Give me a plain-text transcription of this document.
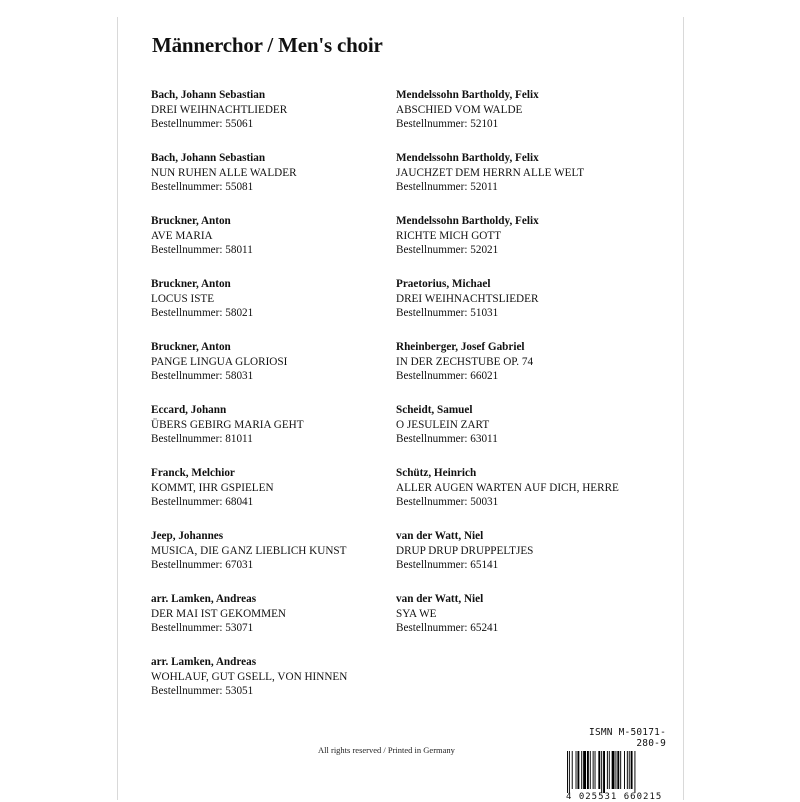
Männerchor / Men's choir
Bach, Johann Sebastian
DREI WEIHNACHTLIEDER
Bestellnummer: 55061
Bach, Johann Sebastian
NUN RUHEN ALLE WALDER
Bestellnummer: 55081
Bruckner, Anton
AVE MARIA
Bestellnummer: 58011
Bruckner, Anton
LOCUS ISTE
Bestellnummer: 58021
Bruckner, Anton
PANGE LINGUA GLORIOSI
Bestellnummer: 58031
Eccard, Johann
ÜBERS GEBIRG MARIA GEHT
Bestellnummer: 81011
Franck, Melchior
KOMMT, IHR GSPIELEN
Bestellnummer: 68041
Jeep, Johannes
MUSICA, DIE GANZ LIEBLICH KUNST
Bestellnummer: 67031
arr. Lamken, Andreas
DER MAI IST GEKOMMEN
Bestellnummer: 53071
arr. Lamken, Andreas
WOHLAUF, GUT GSELL, VON HINNEN
Bestellnummer: 53051
Mendelssohn Bartholdy, Felix
ABSCHIED VOM WALDE
Bestellnummer: 52101
Mendelssohn Bartholdy, Felix
JAUCHZET DEM HERRN ALLE WELT
Bestellnummer: 52011
Mendelssohn Bartholdy, Felix
RICHTE MICH GOTT
Bestellnummer: 52021
Praetorius, Michael
DREI WEIHNACHTSLIEDER
Bestellnummer: 51031
Rheinberger, Josef Gabriel
IN DER ZECHSTUBE OP. 74
Bestellnummer: 66021
Scheidt, Samuel
O JESULEIN ZART
Bestellnummer: 63011
Schütz, Heinrich
ALLER AUGEN WARTEN AUF DICH, HERRE
Bestellnummer: 50031
van der Watt, Niel
DRUP DRUP DRUPPELTJES
Bestellnummer: 65141
van der Watt, Niel
SYA WE
Bestellnummer: 65241
All rights reserved / Printed in Germany
ISMN M-50171-280-9
4 025531 660215
